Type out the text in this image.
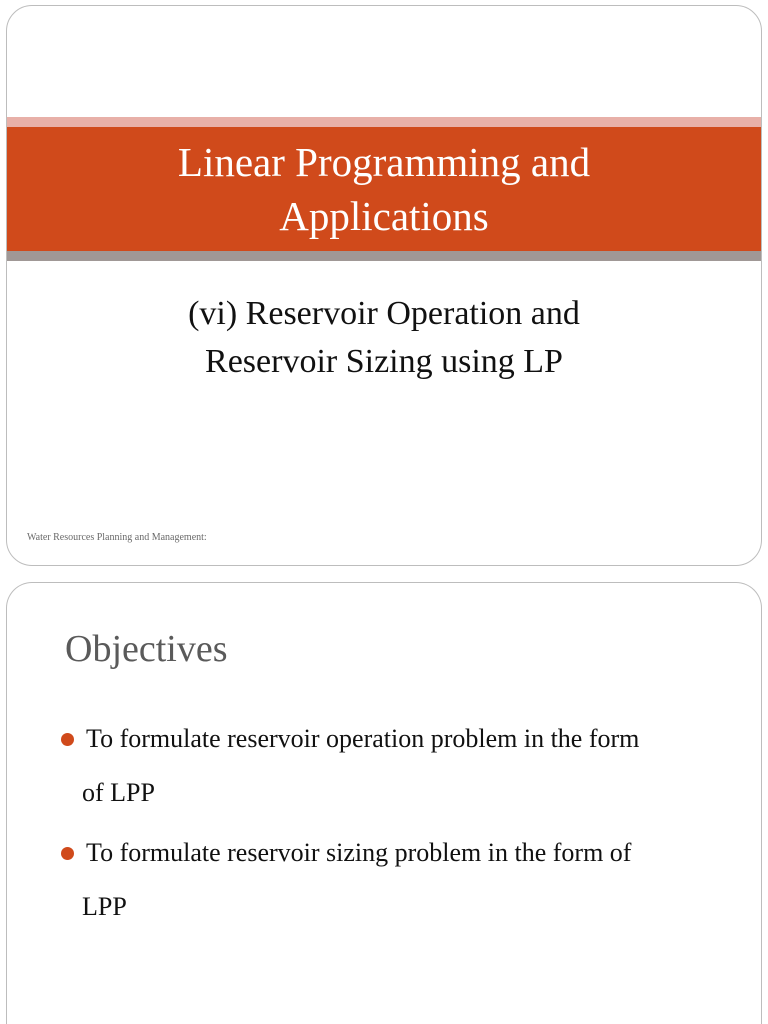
Linear Programming and
Applications
(vi) Reservoir Operation and
Reservoir Sizing using LP
Water Resources Planning and Management:
Objectives
To formulate reservoir operation problem in the form
of LPP
To formulate reservoir sizing problem in the form of
LPP
